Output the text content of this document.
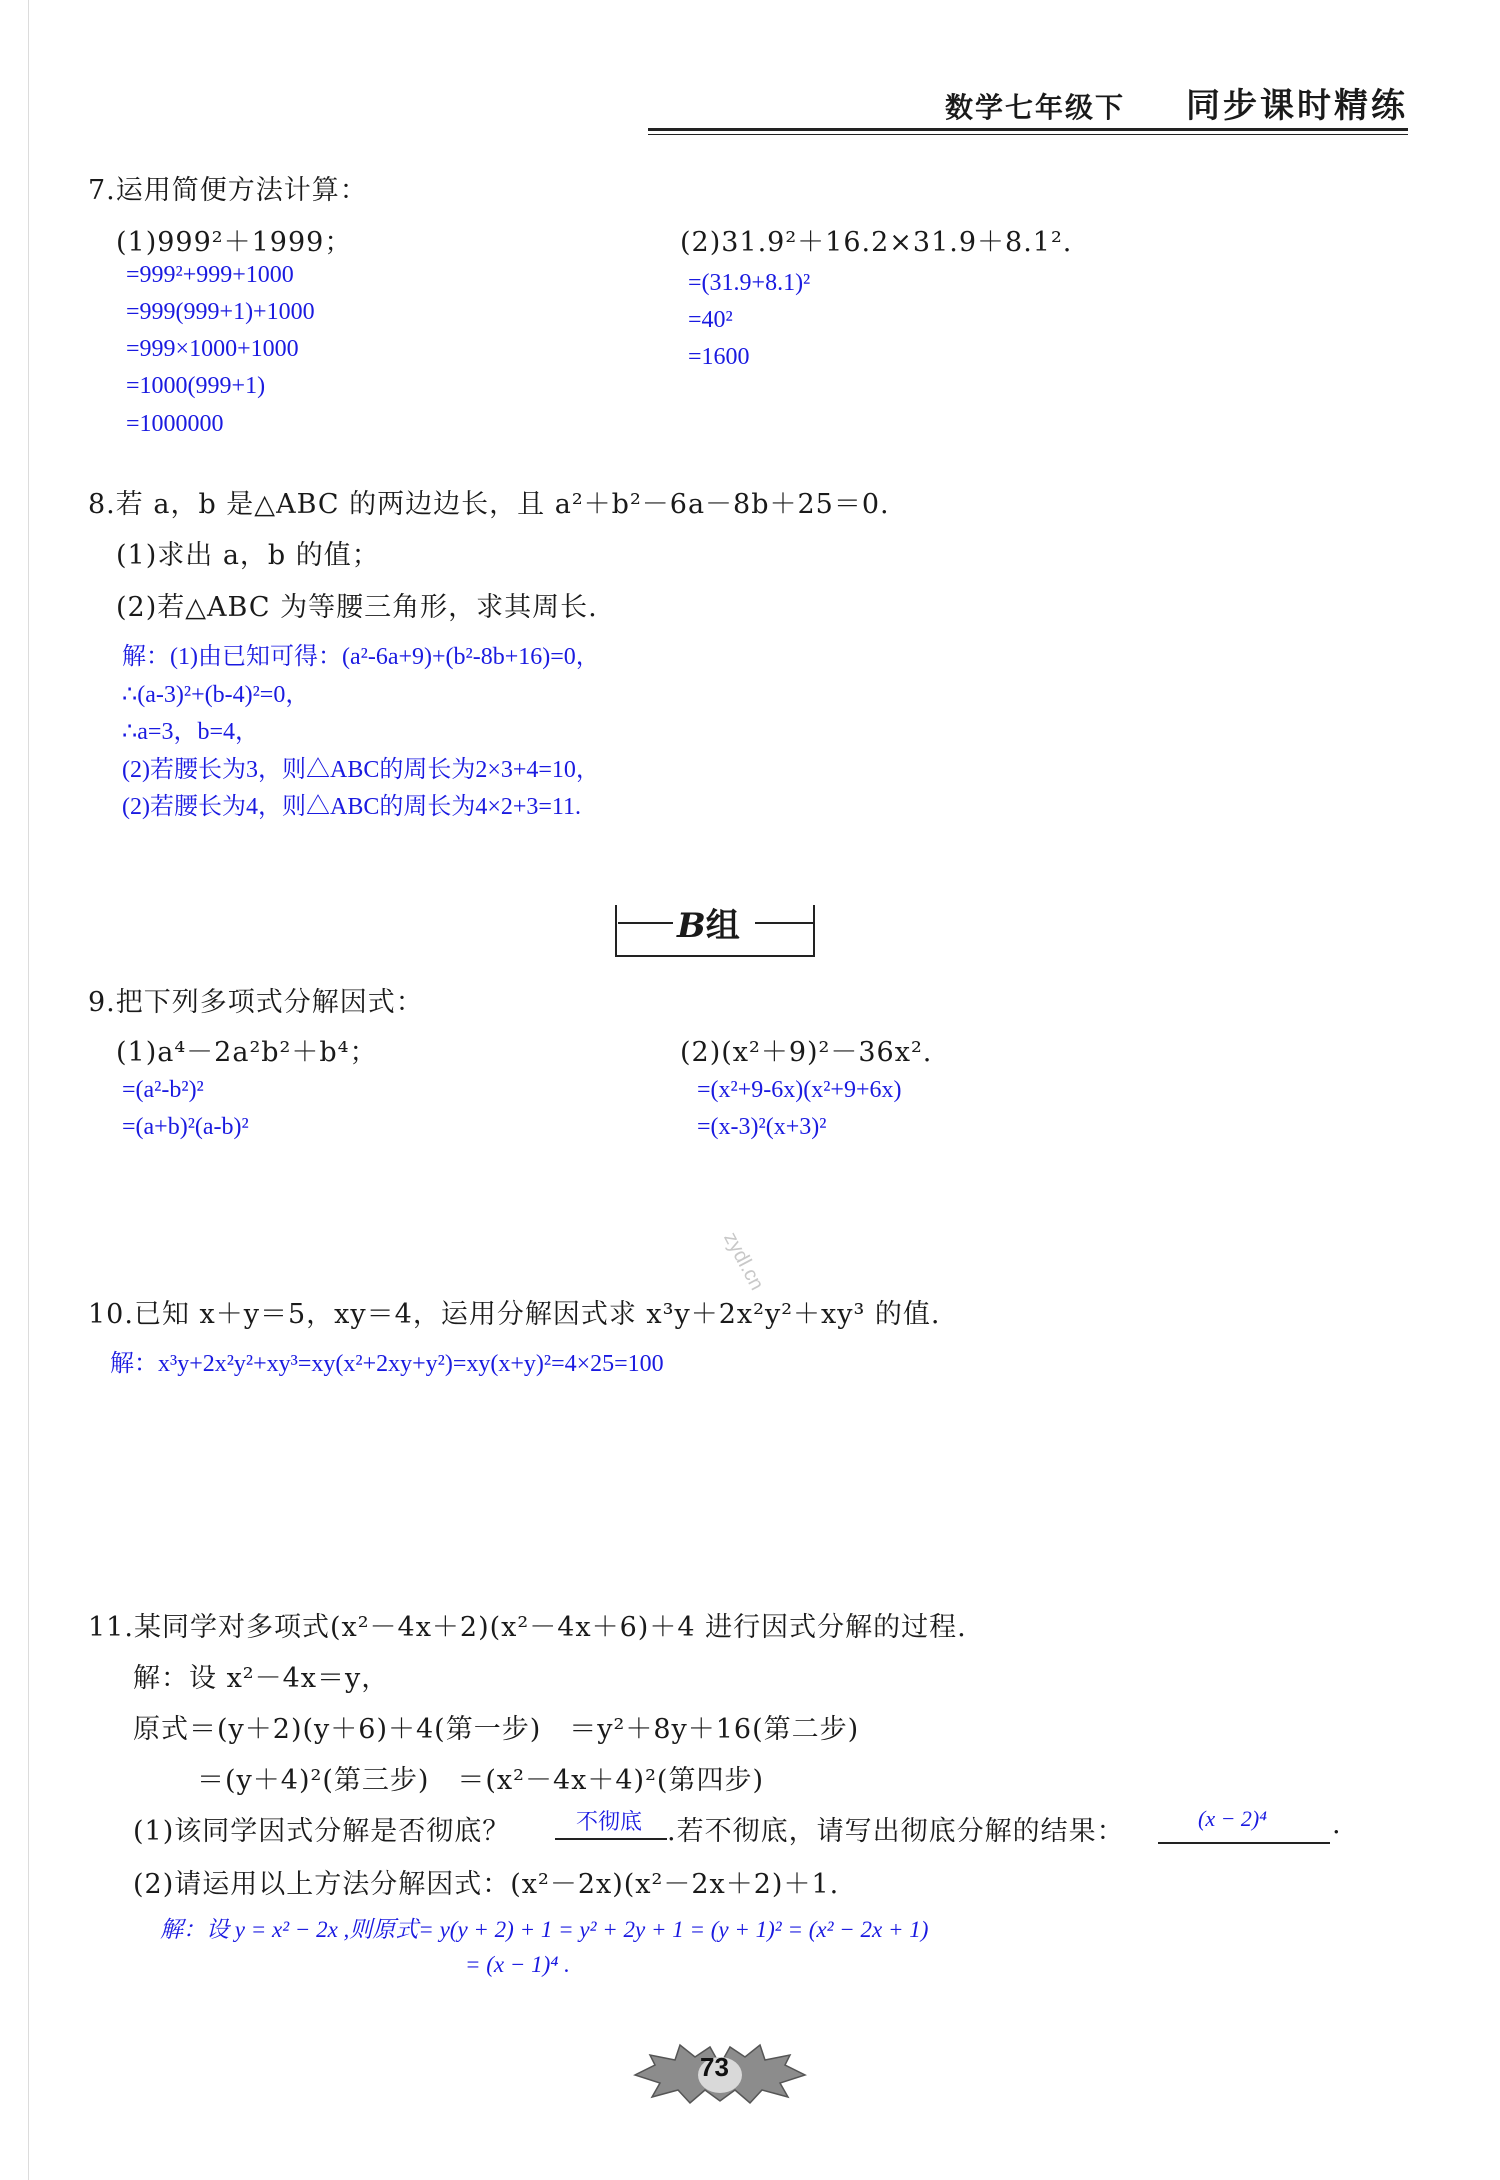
数学七年级下 同步课时精练
7.运用简便方法计算：
(1)999²＋1999；	(2)31.9²＋16.2×31.9＋8.1².
=999²+999+1000
=999(999+1)+1000
=999×1000+1000
=1000(999+1)
=1000000
=(31.9+8.1)²
=40²
=1600
8.若 a，b 是△ABC 的两边边长，且 a²＋b²－6a－8b＋25＝0.
(1)求出 a，b 的值；
(2)若△ABC 为等腰三角形，求其周长.
解：(1)由已知可得：(a²-6a+9)+(b²-8b+16)=0，
∴(a-3)²+(b-4)²=0，
∴a=3，b=4，
(2)若腰长为3，则△ABC的周长为2×3+4=10，
(2)若腰长为4，则△ABC的周长为4×2+3=11.
B组
9.把下列多项式分解因式：
(1)a⁴－2a²b²＋b⁴；	(2)(x²＋9)²－36x².
=(a²-b²)²
=(a+b)²(a-b)²
=(x²+9-6x)(x²+9+6x)
=(x-3)²(x+3)²
zydl.cn
10.已知 x＋y＝5，xy＝4，运用分解因式求 x³y＋2x²y²＋xy³ 的值.
解：x³y+2x²y²+xy³=xy(x²+2xy+y²)=xy(x+y)²=4×25=100
11.某同学对多项式(x²－4x＋2)(x²－4x＋6)＋4 进行因式分解的过程.
解：设 x²－4x＝y，
原式＝(y＋2)(y＋6)＋4(第一步)　＝y²＋8y＋16(第二步)
＝(y＋4)²(第三步)　＝(x²－4x＋4)²(第四步)
(1)该同学因式分解是否彻底？	不彻底 .若不彻底，请写出彻底分解的结果：	(x − 2)⁴ .
(2)请运用以上方法分解因式：(x²－2x)(x²－2x＋2)＋1.
解：设 y = x² − 2x ,则原式= y(y + 2) + 1 = y² + 2y + 1 = (y + 1)² = (x² − 2x + 1)
= (x − 1)⁴ .
73
